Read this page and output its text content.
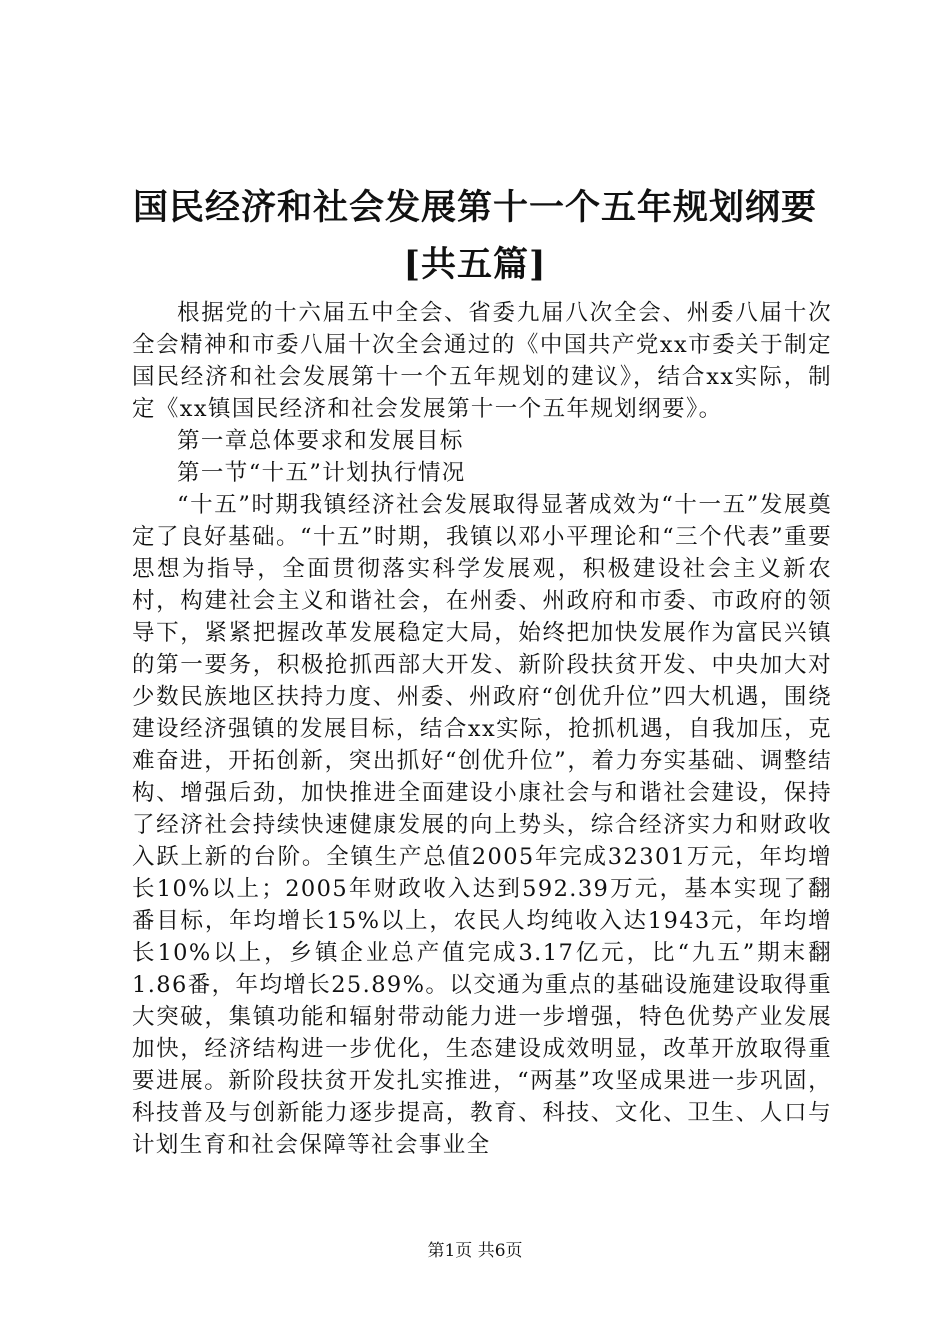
国民经济和社会发展第十一个五年规划纲要
[共五篇]

根据党的十六届五中全会、省委九届八次全会、州委八届十次全会精神和市委八届十次全会通过的《中国共产党xx市委关于制定国民经济和社会发展第十一个五年规划的建议》，结合xx实际，制定《xx镇国民经济和社会发展第十一个五年规划纲要》。

第一章总体要求和发展目标

第一节“十五”计划执行情况

“十五”时期我镇经济社会发展取得显著成效为“十一五”发展奠定了良好基础。“十五”时期，我镇以邓小平理论和“三个代表”重要思想为指导，全面贯彻落实科学发展观，积极建设社会主义新农村，构建社会主义和谐社会，在州委、州政府和市委、市政府的领导下，紧紧把握改革发展稳定大局，始终把加快发展作为富民兴镇的第一要务，积极抢抓西部大开发、新阶段扶贫开发、中央加大对少数民族地区扶持力度、州委、州政府“创优升位”四大机遇，围绕建设经济强镇的发展目标，结合xx实际，抢抓机遇，自我加压，克难奋进，开拓创新，突出抓好“创优升位”，着力夯实基础、调整结构、增强后劲，加快推进全面建设小康社会与和谐社会建设，保持了经济社会持续快速健康发展的向上势头，综合经济实力和财政收入跃上新的台阶。全镇生产总值2005年完成32301万元，年均增长10%以上；2005年财政收入达到592.39万元，基本实现了翻番目标，年均增长15%以上，农民人均纯收入达1943元，年均增长10%以上，乡镇企业总产值完成3.17亿元，比“九五”期末翻1.86番，年均增长25.89%。以交通为重点的基础设施建设取得重大突破，集镇功能和辐射带动能力进一步增强，特色优势产业发展加快，经济结构进一步优化，生态建设成效明显，改革开放取得重要进展。新阶段扶贫开发扎实推进，“两基”攻坚成果进一步巩固，科技普及与创新能力逐步提高，教育、科技、文化、卫生、人口与计划生育和社会保障等社会事业全

第1页 共6页
